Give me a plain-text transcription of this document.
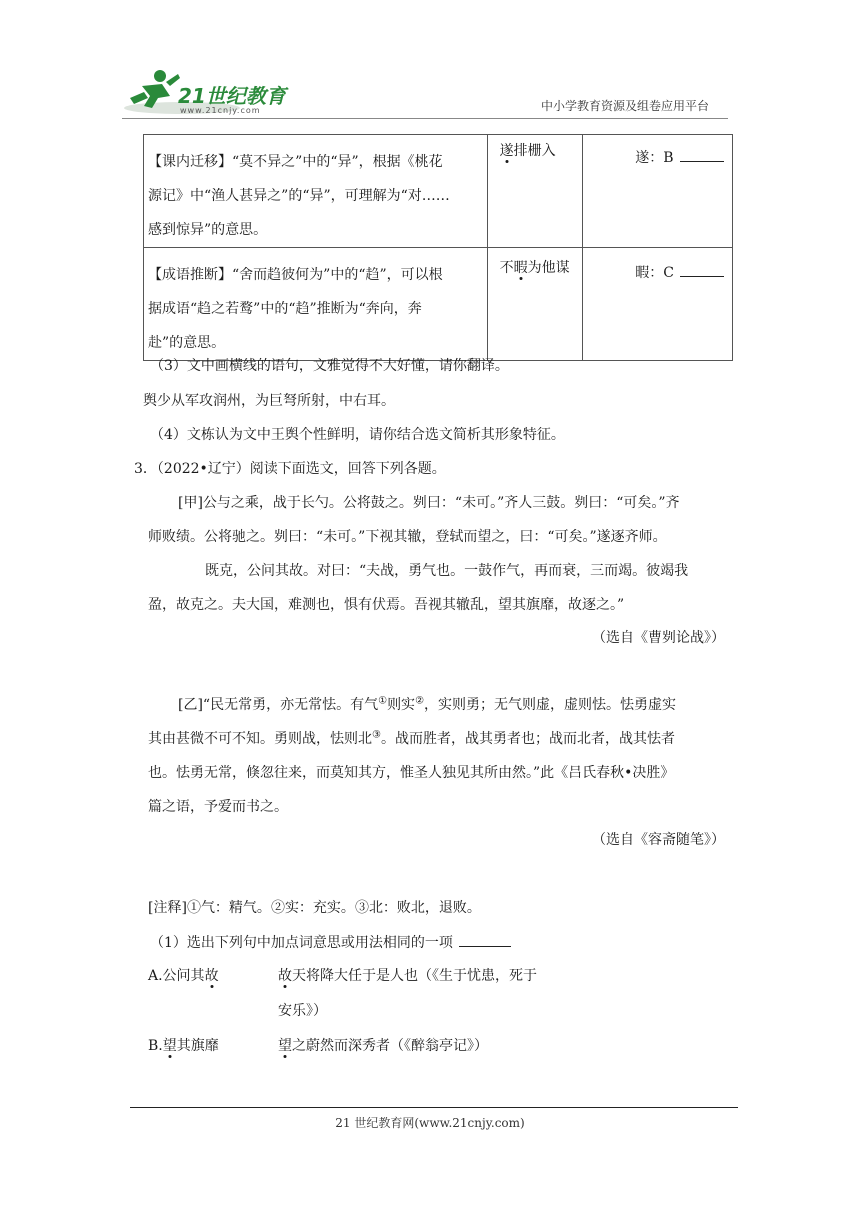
21世纪教育
www.21cnjy.com	中小学教育资源及组卷应用平台
【课内迁移】“莫不异之”中的“异”，根据《桃花
源记》中“渔人甚异之”的“异”，可理解为“对……
感到惊异”的意思。	遂排栅入	遂：B

【成语推断】“舍而趋彼何为”中的“趋”，可以根
据成语“趋之若鹜”中的“趋”推断为“奔向，奔
赴”的意思。	不暇为他谋	暇：C

（3）文中画横线的语句，文雅觉得不大好懂，请你翻译。

舆少从军攻润州，为巨弩所射，中右耳。

（4）文栋认为文中王舆个性鲜明，请你结合选文简析其形象特征。

3．（2022•辽宁）阅读下面选文，回答下列各题。

[甲]公与之乘，战于长勺。公将鼓之。刿曰：“未可。”齐人三鼓。刿曰：“可矣。”齐

师败绩。公将驰之。刿曰：“未可。”下视其辙，登轼而望之，曰：“可矣。”遂逐齐师。

既克，公问其故。对曰：“夫战，勇气也。一鼓作气，再而衰，三而竭。彼竭我

盈，故克之。夫大国，难测也，惧有伏焉。吾视其辙乱，望其旗靡，故逐之。”

（选自《曹刿论战》）

[乙]“民无常勇，亦无常怯。有气①则实②，实则勇；无气则虚，虚则怯。怯勇虚实

其由甚微不可不知。勇则战，怯则北③。战而胜者，战其勇者也；战而北者，战其怯者

也。怯勇无常，倏忽往来，而莫知其方，惟圣人独见其所由然。”此《吕氏春秋•决胜》

篇之语，予爱而书之。

（选自《容斋随笔》）

[注释]①气：精气。②实：充实。③北：败北，退败。

（1）选出下列句中加点词意思或用法相同的一项

A.公问其故	故天将降大任于是人也（《生于忧患，死于

安乐》）

B.望其旗靡	望之蔚然而深秀者（《醉翁亭记》）

21 世纪教育网(www.21cnjy.com)
